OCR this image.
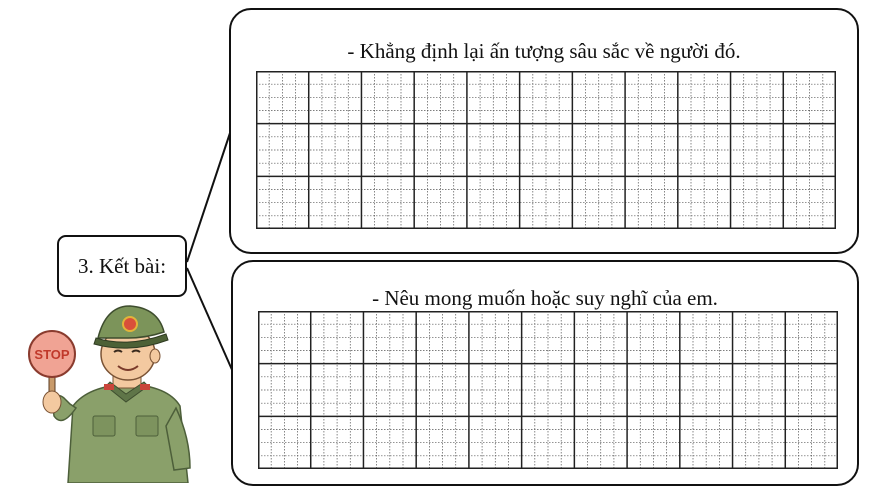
3. Kết bài:
- Khẳng định lại ấn tượng sâu sắc về người đó.
- Nêu mong muốn hoặc suy nghĩ của em.
STOP
